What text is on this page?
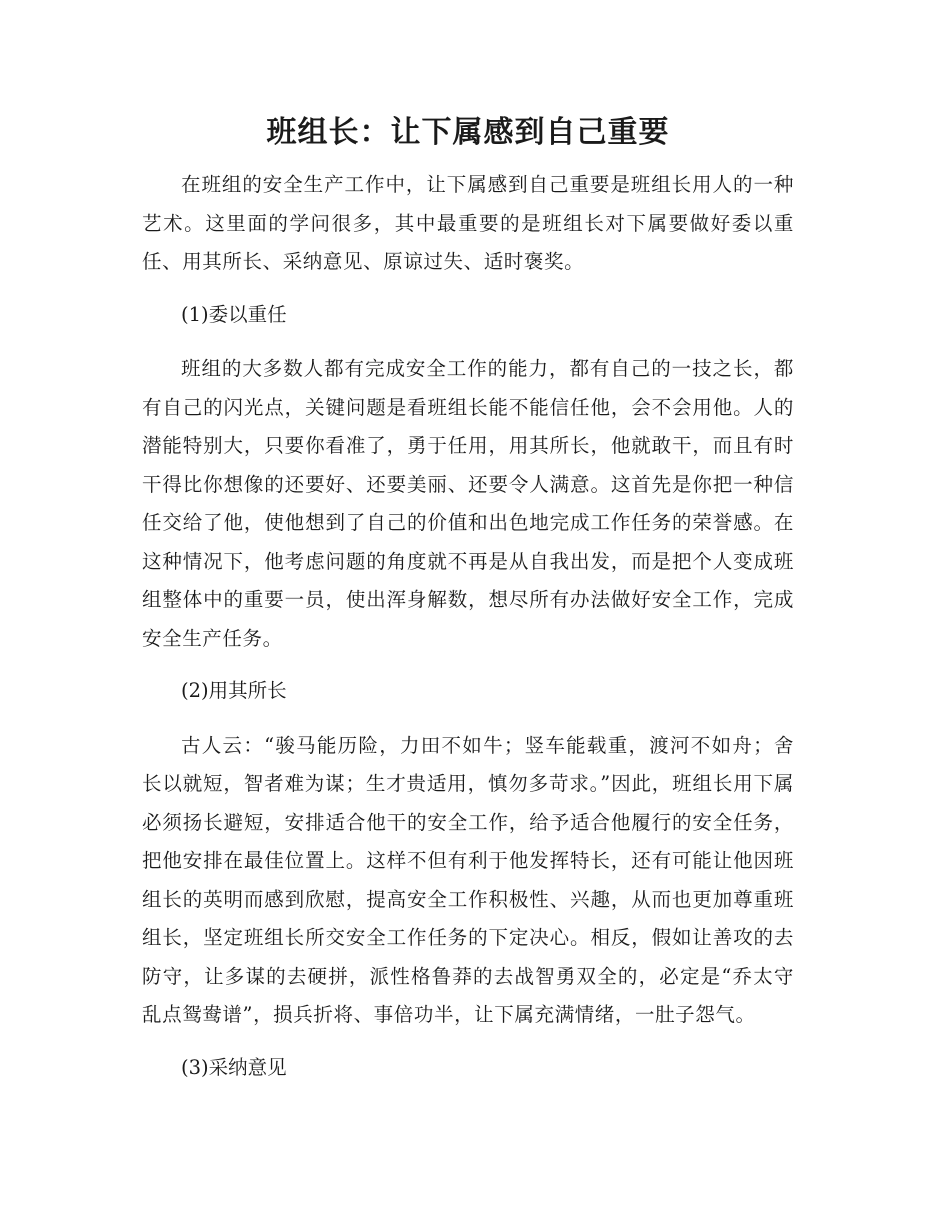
班组长：让下属感到自己重要

在班组的安全生产工作中，让下属感到自己重要是班组长用人的一种艺术。这里面的学问很多，其中最重要的是班组长对下属要做好委以重任、用其所长、采纳意见、原谅过失、适时褒奖。

(1)委以重任

班组的大多数人都有完成安全工作的能力，都有自己的一技之长，都有自己的闪光点，关键问题是看班组长能不能信任他，会不会用他。人的潜能特别大，只要你看准了，勇于任用，用其所长，他就敢干，而且有时干得比你想像的还要好、还要美丽、还要令人满意。这首先是你把一种信任交给了他，使他想到了自己的价值和出色地完成工作任务的荣誉感。在这种情况下，他考虑问题的角度就不再是从自我出发，而是把个人变成班组整体中的重要一员，使出浑身解数，想尽所有办法做好安全工作，完成安全生产任务。

(2)用其所长

古人云：“骏马能历险，力田不如牛；竖车能载重，渡河不如舟；舍长以就短，智者难为谋；生才贵适用，慎勿多苛求。”因此，班组长用下属必须扬长避短，安排适合他干的安全工作，给予适合他履行的安全任务，把他安排在最佳位置上。这样不但有利于他发挥特长，还有可能让他因班组长的英明而感到欣慰，提高安全工作积极性、兴趣，从而也更加尊重班组长，坚定班组长所交安全工作任务的下定决心。相反，假如让善攻的去防守，让多谋的去硬拼，派性格鲁莽的去战智勇双全的，必定是“乔太守乱点鸳鸯谱”，损兵折将、事倍功半，让下属充满情绪，一肚子怨气。

(3)采纳意见
